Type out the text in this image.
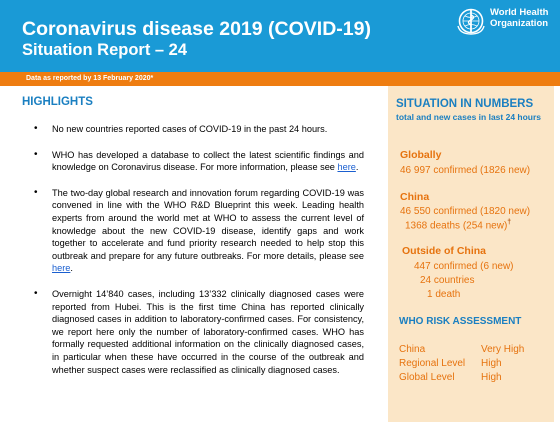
Coronavirus disease 2019 (COVID-19)
Situation Report – 24
World Health
Organization
Data as reported by 13 February 2020*
HIGHLIGHTS
• No new countries reported cases of COVID-19 in the past 24 hours.
• WHO has developed a database to collect the latest scientific findings and knowledge on Coronavirus disease. For more information, please see here.
• The two-day global research and innovation forum regarding COVID-19 was convened in line with the WHO R&D Blueprint this week. Leading health experts from around the world met at WHO to assess the current level of knowledge about the new COVID-19 disease, identify gaps and work together to accelerate and fund priority research needed to help stop this outbreak and prepare for any future outbreaks. For more details, please see here.
• Overnight 14’840 cases, including 13’332 clinically diagnosed cases were reported from Hubei. This is the first time China has reported clinically diagnosed cases in addition to laboratory-confirmed cases. For consistency, we report here only the number of laboratory-confirmed cases. WHO has formally requested additional information on the clinically diagnosed cases, in particular when these have occurred in the course of the outbreak and whether suspect cases were reclassified as clinically diagnosed cases.
SITUATION IN NUMBERS
total and new cases in last 24 hours
Globally
46 997 confirmed (1826 new)
China
46 550 confirmed (1820 new)
1368 deaths (254 new)†
Outside of China
447 confirmed (6 new)
24 countries
1 death
WHO RISK ASSESSMENT
China	Very High
Regional Level High
Global Level	High
